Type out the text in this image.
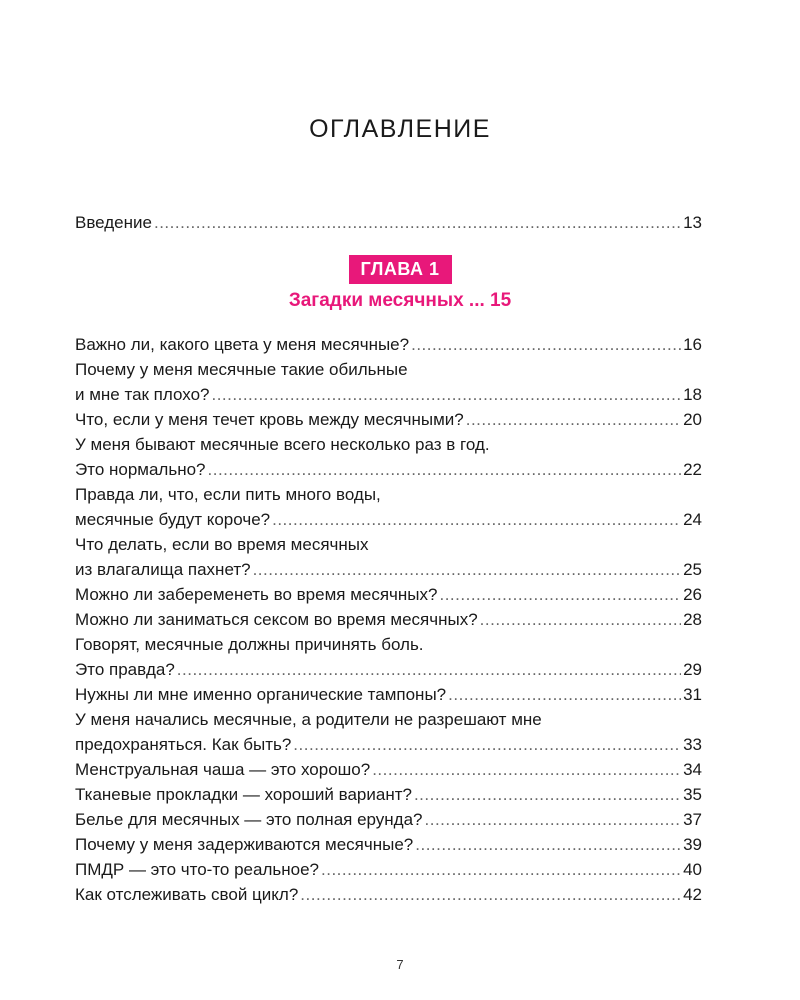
ОГЛАВЛЕНИЕ
Введение .....	13
ГЛАВА 1
Загадки месячных ... 15
Важно ли, какого цвета у меня месячные? .....	16
Почему у меня месячные такие обильные
и мне так плохо? .....	18
Что, если у меня течет кровь между месячными? .....	20
У меня бывают месячные всего несколько раз в год.
Это нормально? .....	22
Правда ли, что, если пить много воды,
месячные будут короче? .....	24
Что делать, если во время месячных
из влагалища пахнет? .....	25
Можно ли забеременеть во время месячных? .....	26
Можно ли заниматься сексом во время месячных? .....	28
Говорят, месячные должны причинять боль.
Это правда? .....	29
Нужны ли мне именно органические тампоны? .....	31
У меня начались месячные, а родители не разрешают мне
предохраняться. Как быть? .....	33
Менструальная чаша — это хорошо? .....	34
Тканевые прокладки — хороший вариант? .....	35
Белье для месячных — это полная ерунда? .....	37
Почему у меня задерживаются месячные? .....	39
ПМДР — это что-то реальное? .....	40
Как отслеживать свой цикл? .....	42
7
